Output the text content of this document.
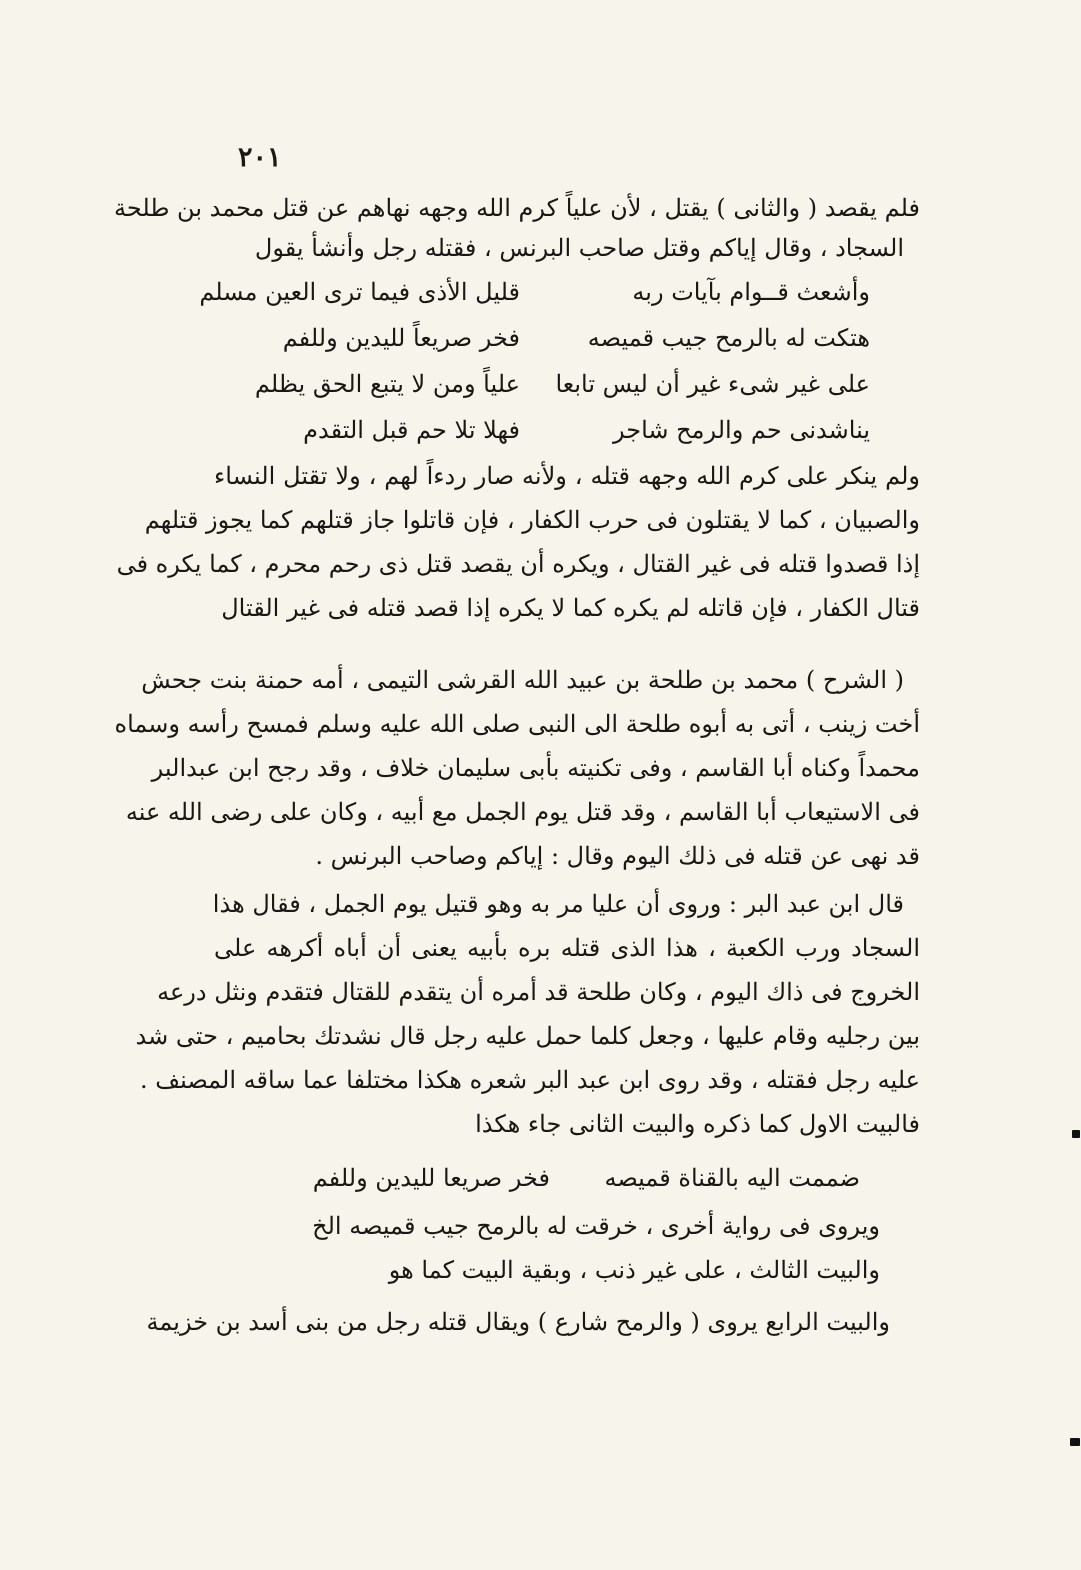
٢٠١
فلم يقصد ( والثانى ) يقتل ، لأن علياً كرم الله وجهه نهاهم عن قتل محمد بن طلحة
السجاد ، وقال إياكم وقتل صاحب البرنس ، فقتله رجل وأنشأ يقول
وأشعث قــوام بآيات ربه
قليل الأذى فيما ترى العين مسلم
هتكت له بالرمح جيب قميصه
فخر صريعاً لليدين وللفم
على غير شىء غير أن ليس تابعا
علياً ومن لا يتبع الحق يظلم
يناشدنى حم والرمح شاجر
فهلا تلا حم قبل التقدم
ولم ينكر على كرم الله وجهه قتله ، ولأنه صار ردءاً لهم ، ولا تقتل النساء
والصبيان ، كما لا يقتلون فى حرب الكفار ، فإن قاتلوا جاز قتلهم كما يجوز قتلهم
إذا قصدوا قتله فى غير القتال ، ويكره أن يقصد قتل ذى رحم محرم ، كما يكره فى
قتال الكفار ، فإن قاتله لم يكره كما لا يكره إذا قصد قتله فى غير القتال
( الشرح ) محمد بن طلحة بن عبيد الله القرشى التيمى ، أمه حمنة بنت جحش
أخت زينب ، أتى به أبوه طلحة الى النبى صلى الله عليه وسلم فمسح رأسه وسماه
محمداً وكناه أبا القاسم ، وفى تكنيته بأبى سليمان خلاف ، وقد رجح ابن عبدالبر
فى الاستيعاب أبا القاسم ، وقد قتل يوم الجمل مع أبيه ، وكان على رضى الله عنه
قد نهى عن قتله فى ذلك اليوم وقال : إياكم وصاحب البرنس .
قال ابن عبد البر : وروى أن عليا مر به وهو قتيل يوم الجمل ، فقال هذا
السجاد ورب الكعبة ، هذا الذى قتله بره بأبيه يعنى أن أباه أكرهه على
الخروج فى ذاك اليوم ، وكان طلحة قد أمره أن يتقدم للقتال فتقدم ونثل درعه
بين رجليه وقام عليها ، وجعل كلما حمل عليه رجل قال نشدتك بحاميم ، حتى شد
عليه رجل فقتله ، وقد روى ابن عبد البر شعره هكذا مختلفا عما ساقه المصنف .
فالبيت الاول كما ذكره والبيت الثانى جاء هكذا
ضممت اليه بالقناة قميصه
فخر صريعا لليدين وللفم
ويروى فى رواية أخرى ، خرقت له بالرمح جيب قميصه الخ
والبيت الثالث ، على غير ذنب ، وبقية البيت كما هو
والبيت الرابع يروى ( والرمح شارع ) ويقال قتله رجل من بنى أسد بن خزيمة
